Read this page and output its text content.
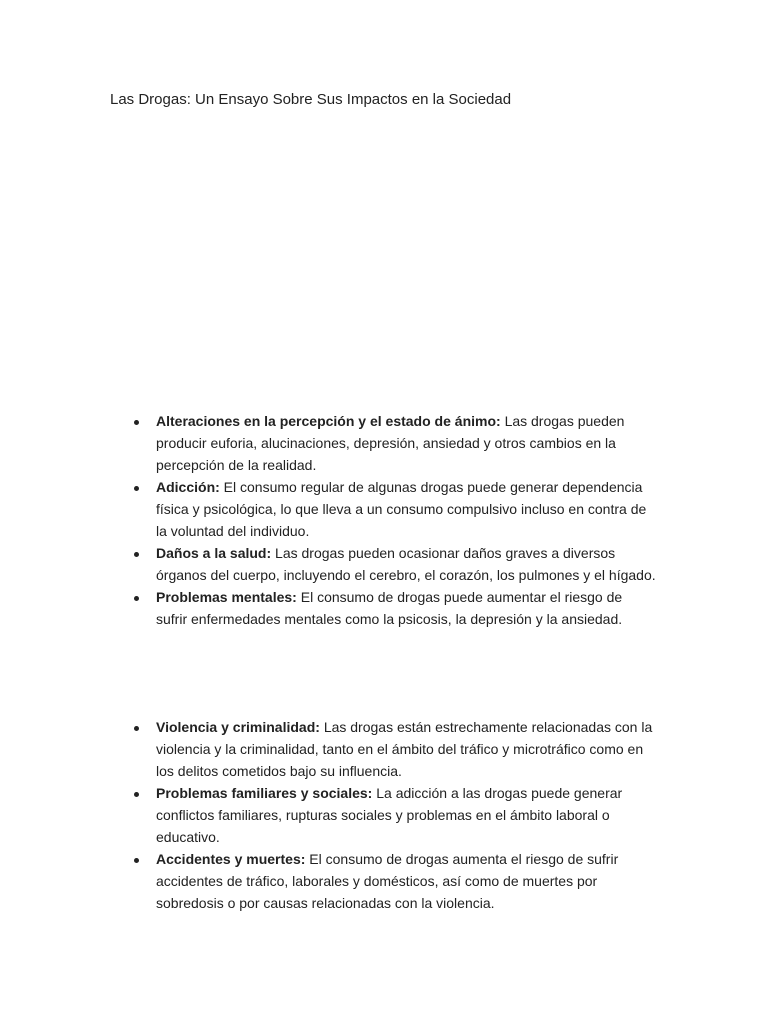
Las Drogas: Un Ensayo Sobre Sus Impactos en la Sociedad
Alteraciones en la percepción y el estado de ánimo: Las drogas pueden producir euforia, alucinaciones, depresión, ansiedad y otros cambios en la percepción de la realidad.
Adicción: El consumo regular de algunas drogas puede generar dependencia física y psicológica, lo que lleva a un consumo compulsivo incluso en contra de la voluntad del individuo.
Daños a la salud: Las drogas pueden ocasionar daños graves a diversos órganos del cuerpo, incluyendo el cerebro, el corazón, los pulmones y el hígado.
Problemas mentales: El consumo de drogas puede aumentar el riesgo de sufrir enfermedades mentales como la psicosis, la depresión y la ansiedad.
Violencia y criminalidad: Las drogas están estrechamente relacionadas con la violencia y la criminalidad, tanto en el ámbito del tráfico y microtráfico como en los delitos cometidos bajo su influencia.
Problemas familiares y sociales: La adicción a las drogas puede generar conflictos familiares, rupturas sociales y problemas en el ámbito laboral o educativo.
Accidentes y muertes: El consumo de drogas aumenta el riesgo de sufrir accidentes de tráfico, laborales y domésticos, así como de muertes por sobredosis o por causas relacionadas con la violencia.
